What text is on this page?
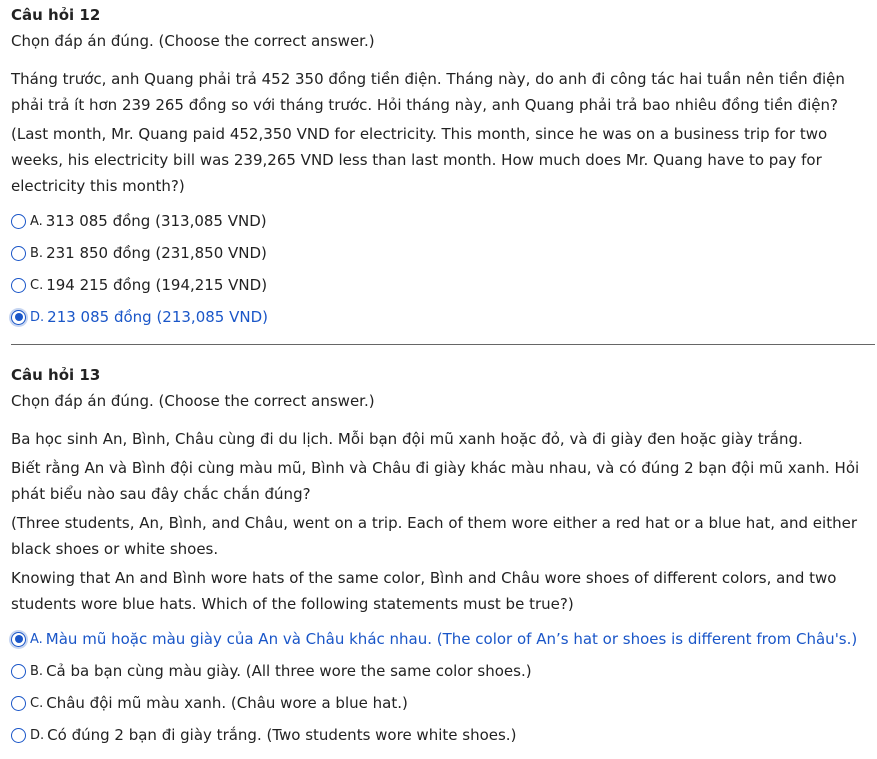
Câu hỏi 12

Chọn đáp án đúng. (Choose the correct answer.)

Tháng trước, anh Quang phải trả 452 350 đồng tiền điện. Tháng này, do anh đi công tác hai tuần nên tiền điện phải trả ít hơn 239 265 đồng so với tháng trước. Hỏi tháng này, anh Quang phải trả bao nhiêu đồng tiền điện?

(Last month, Mr. Quang paid 452,350 VND for electricity. This month, since he was on a business trip for two weeks, his electricity bill was 239,265 VND less than last month. How much does Mr. Quang have to pay for electricity this month?)

A. 313 085 đồng (313,085 VND)
B. 231 850 đồng (231,850 VND)
C. 194 215 đồng (194,215 VND)
D. 213 085 đồng (213,085 VND)

Câu hỏi 13

Chọn đáp án đúng. (Choose the correct answer.)

Ba học sinh An, Bình, Châu cùng đi du lịch. Mỗi bạn đội mũ xanh hoặc đỏ, và đi giày đen hoặc giày trắng.

Biết rằng An và Bình đội cùng màu mũ, Bình và Châu đi giày khác màu nhau, và có đúng 2 bạn đội mũ xanh. Hỏi phát biểu nào sau đây chắc chắn đúng?

(Three students, An, Bình, and Châu, went on a trip. Each of them wore either a red hat or a blue hat, and either black shoes or white shoes.

Knowing that An and Bình wore hats of the same color, Bình and Châu wore shoes of different colors, and two students wore blue hats. Which of the following statements must be true?)

A. Màu mũ hoặc màu giày của An và Châu khác nhau. (The color of An’s hat or shoes is different from Châu's.)
B. Cả ba bạn cùng màu giày. (All three wore the same color shoes.)
C. Châu đội mũ màu xanh. (Châu wore a blue hat.)
D. Có đúng 2 bạn đi giày trắng. (Two students wore white shoes.)
